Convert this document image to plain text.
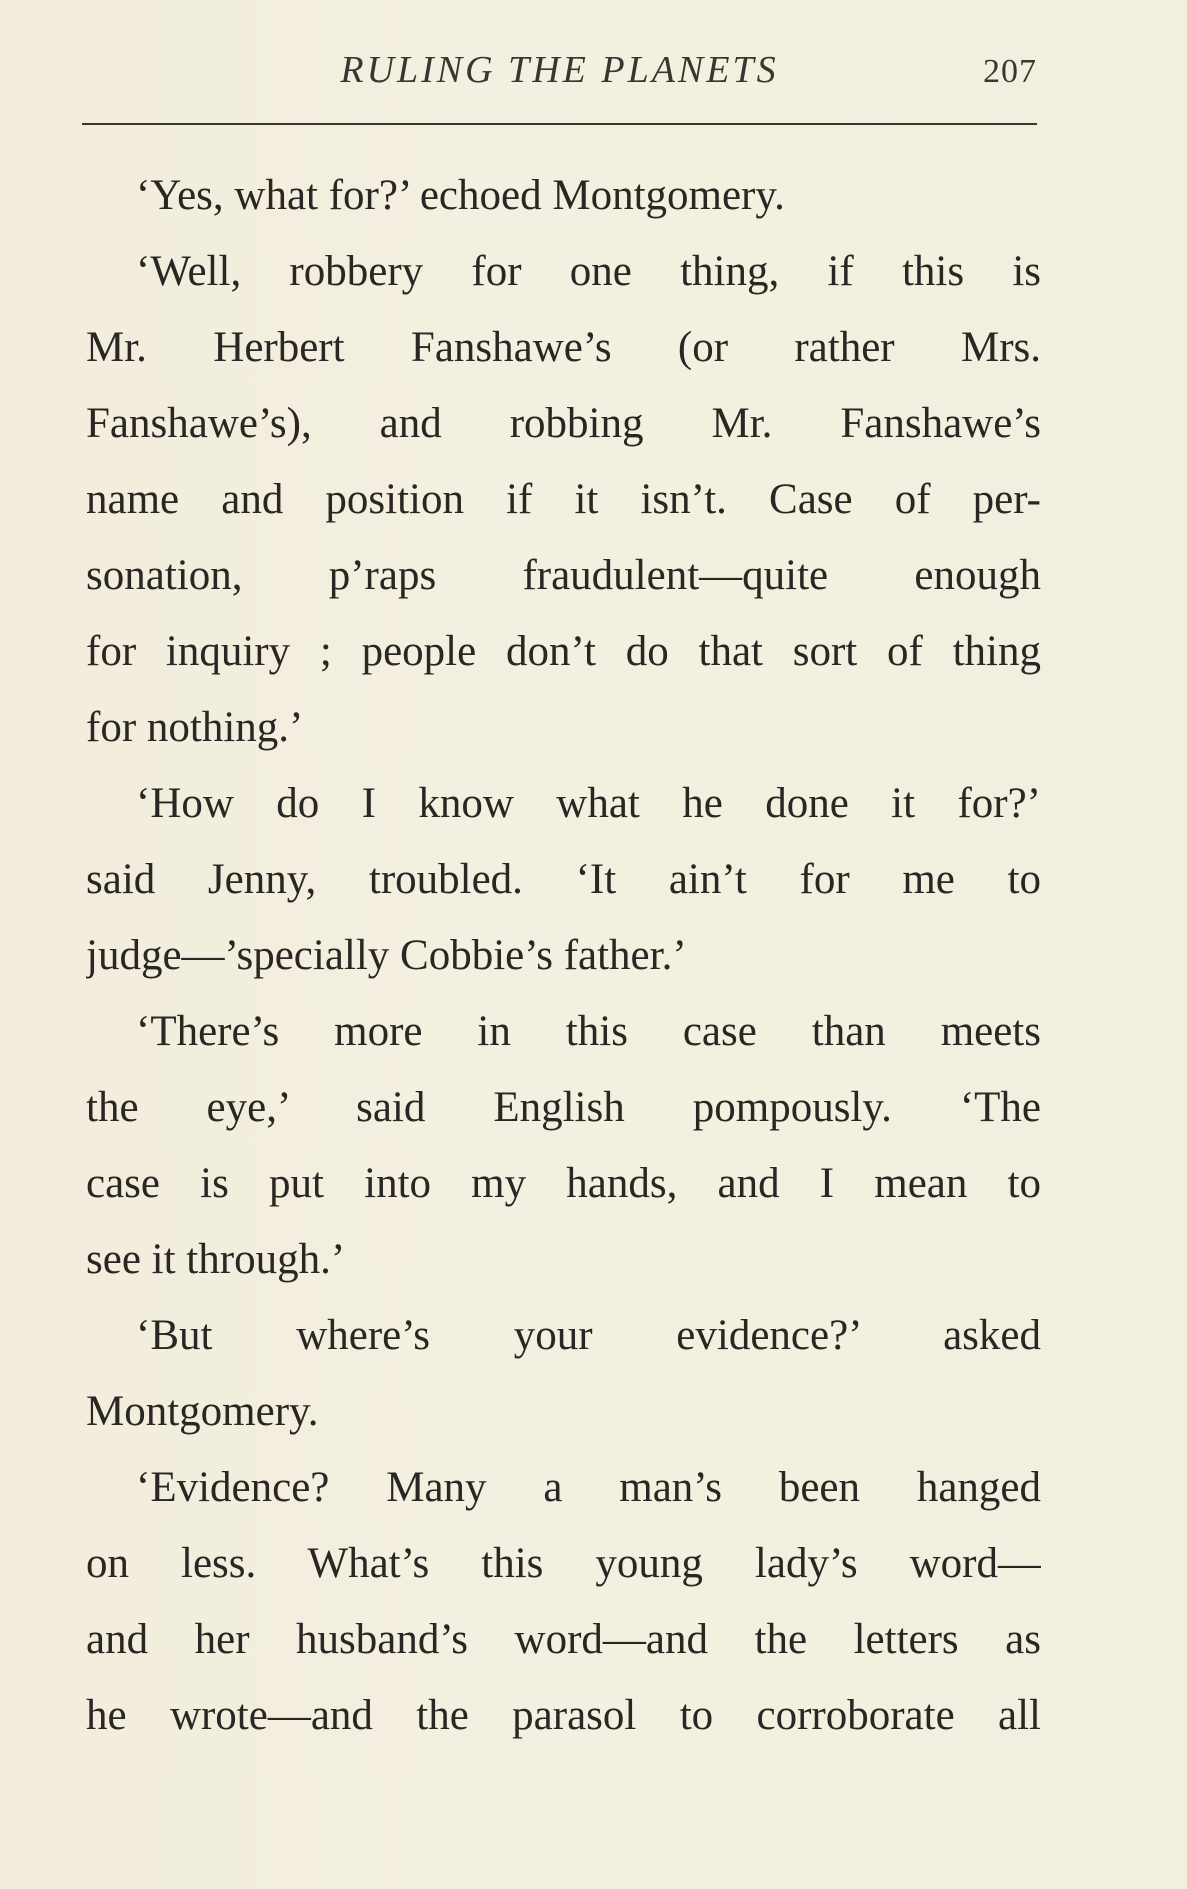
RULING THE PLANETS	207
‘Yes, what for?’ echoed Montgomery.
‘Well, robbery for one thing, if this is
Mr. Herbert Fanshawe’s (or rather Mrs.
Fanshawe’s), and robbing Mr. Fanshawe’s
name and position if it isn’t. Case of per-
sonation, p’raps fraudulent—quite enough
for inquiry ; people don’t do that sort of thing
for nothing.’
‘How do I know what he done it for?’
said Jenny, troubled. ‘It ain’t for me to
judge—’specially Cobbie’s father.’
‘There’s more in this case than meets
the eye,’ said English pompously. ‘The
case is put into my hands, and I mean to
see it through.’
‘But where’s your evidence?’ asked
Montgomery.
‘Evidence? Many a man’s been hanged
on less. What’s this young lady’s word—
and her husband’s word—and the letters as
he wrote—and the parasol to corroborate all
